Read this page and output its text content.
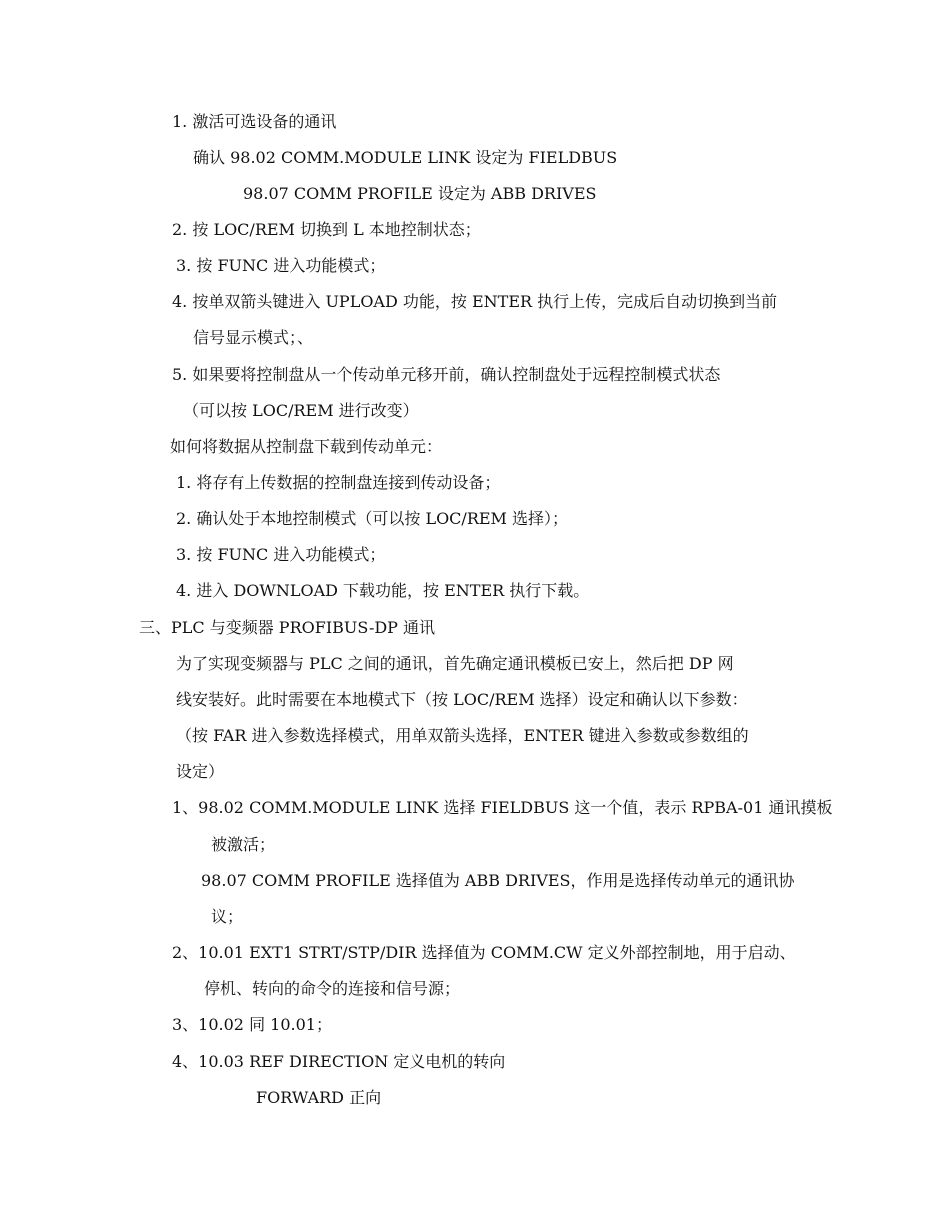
1. 激活可选设备的通讯
确认 98.02 COMM.MODULE LINK 设定为 FIELDBUS
98.07 COMM PROFILE 设定为 ABB DRIVES
2. 按 LOC/REM 切换到 L 本地控制状态；
3. 按 FUNC 进入功能模式；
4. 按单双箭头键进入 UPLOAD 功能，按 ENTER 执行上传，完成后自动切换到当前
信号显示模式；、
5. 如果要将控制盘从一个传动单元移开前，确认控制盘处于远程控制模式状态
（可以按 LOC/REM 进行改变）
如何将数据从控制盘下载到传动单元：
1. 将存有上传数据的控制盘连接到传动设备；
2. 确认处于本地控制模式（可以按 LOC/REM 选择）；
3. 按 FUNC 进入功能模式；
4. 进入 DOWNLOAD 下载功能，按 ENTER 执行下载。
三、PLC 与变频器 PROFIBUS-DP 通讯
为了实现变频器与 PLC 之间的通讯，首先确定通讯模板已安上，然后把 DP 网
线安装好。此时需要在本地模式下（按 LOC/REM 选择）设定和确认以下参数：
（按 FAR 进入参数选择模式，用单双箭头选择，ENTER 键进入参数或参数组的
设定）
1、98.02 COMM.MODULE LINK 选择 FIELDBUS 这一个值，表示 RPBA-01 通讯摸板
被激活；
98.07 COMM PROFILE 选择值为 ABB DRIVES，作用是选择传动单元的通讯协
议；
2、10.01 EXT1 STRT/STP/DIR 选择值为 COMM.CW 定义外部控制地，用于启动、
停机、转向的命令的连接和信号源；
3、10.02 同 10.01；
4、10.03 REF DIRECTION 定义电机的转向
FORWARD 正向
